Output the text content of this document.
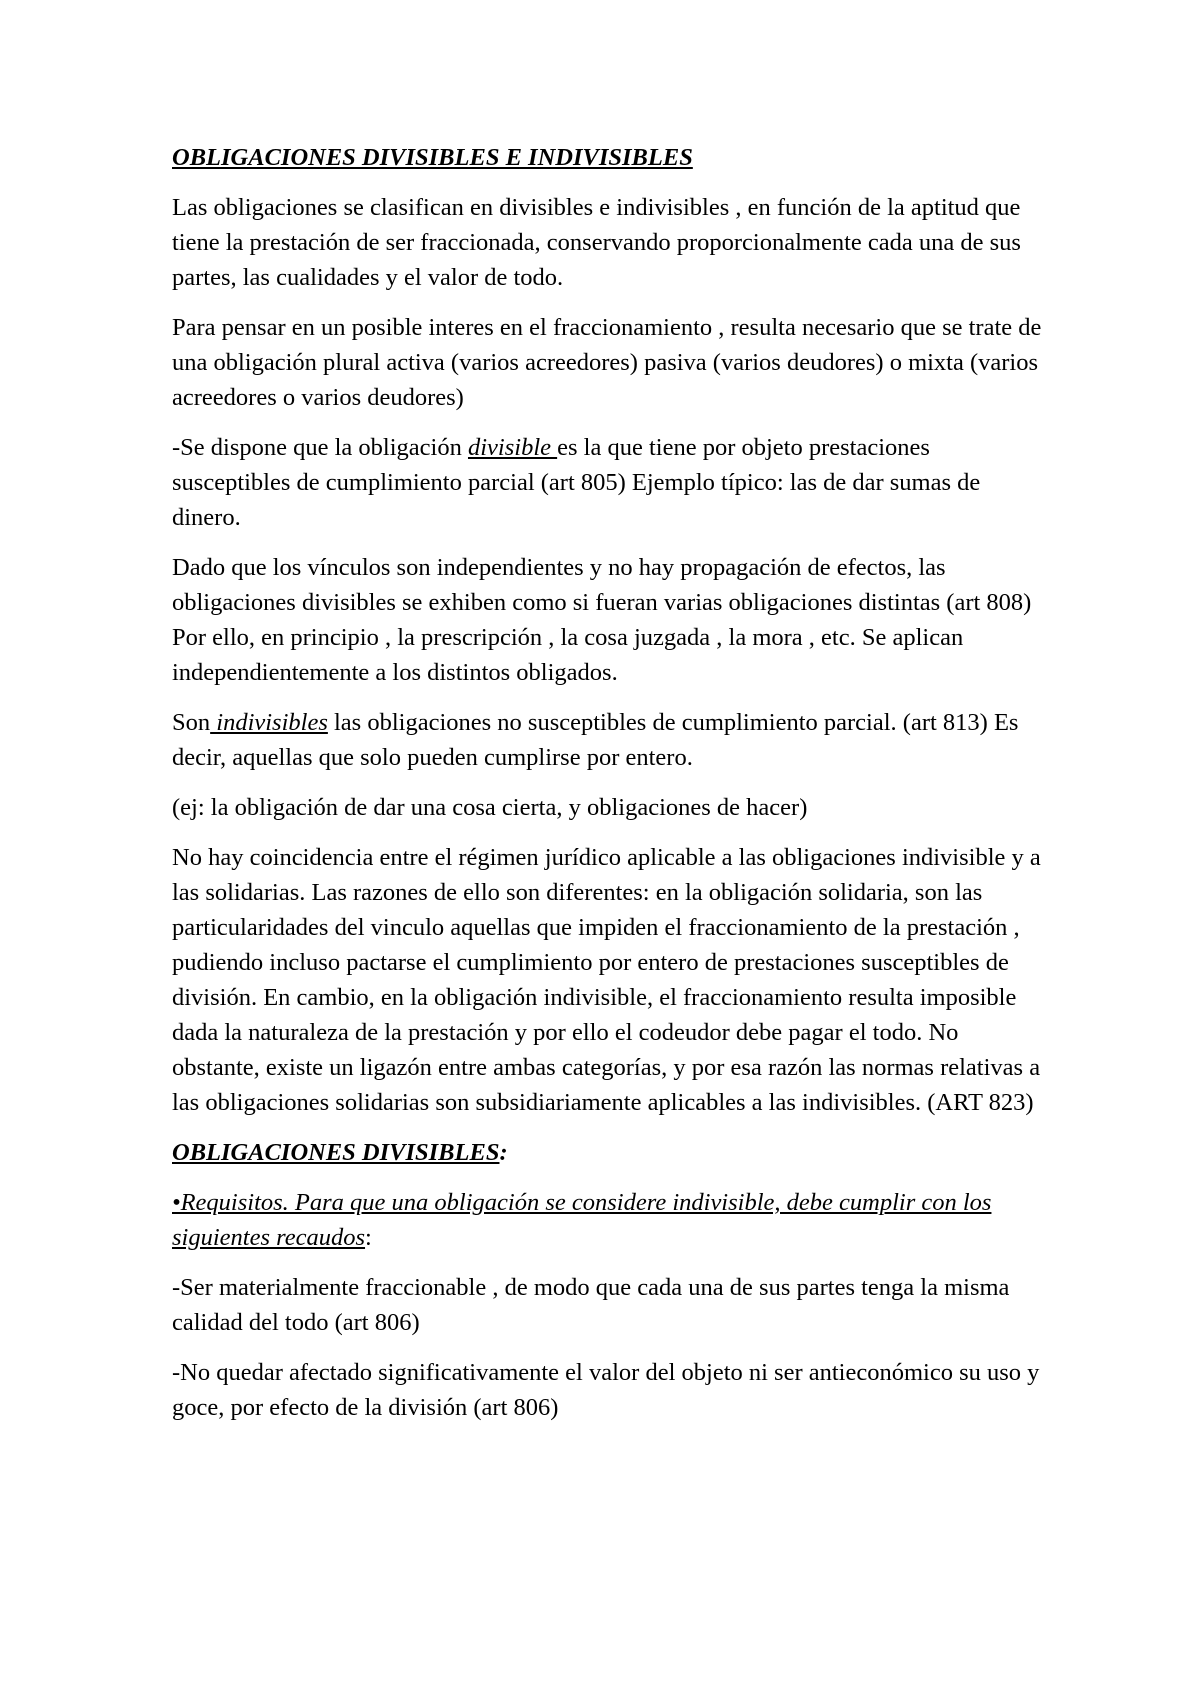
OBLIGACIONES DIVISIBLES E INDIVISIBLES

Las obligaciones se clasifican en divisibles e indivisibles , en función de la aptitud que tiene la prestación de ser fraccionada, conservando proporcionalmente cada una de sus partes, las cualidades y el valor de todo.

Para pensar en un posible interes en el fraccionamiento , resulta necesario que se trate de una obligación plural activa (varios acreedores) pasiva (varios deudores) o mixta (varios acreedores o varios deudores)

-Se dispone que la obligación divisible es la que tiene por objeto prestaciones susceptibles de cumplimiento parcial (art 805) Ejemplo típico: las de dar sumas de dinero.

Dado que los vínculos son independientes y no hay propagación de efectos, las obligaciones divisibles se exhiben como si fueran varias obligaciones distintas (art 808) Por ello, en principio , la prescripción , la cosa juzgada , la mora , etc. Se aplican independientemente a los distintos obligados.

Son indivisibles las obligaciones no susceptibles de cumplimiento parcial. (art 813) Es decir, aquellas que solo pueden cumplirse por entero.

(ej: la obligación de dar una cosa cierta, y obligaciones de hacer)

No hay coincidencia entre el régimen jurídico aplicable a las obligaciones indivisible y a las solidarias. Las razones de ello son diferentes: en la obligación solidaria, son las particularidades del vinculo aquellas que impiden el fraccionamiento de la prestación , pudiendo incluso pactarse el cumplimiento por entero de prestaciones susceptibles de división. En cambio, en la obligación indivisible, el fraccionamiento resulta imposible dada la naturaleza de la prestación y por ello el codeudor debe pagar el todo. No obstante, existe un ligazón entre ambas categorías, y por esa razón las normas relativas a las obligaciones solidarias son subsidiariamente aplicables a las indivisibles. (ART 823)

OBLIGACIONES DIVISIBLES:

•Requisitos. Para que una obligación se considere indivisible, debe cumplir con los siguientes recaudos:

-Ser materialmente fraccionable , de modo que cada una de sus partes tenga la misma calidad del todo (art 806)

-No quedar afectado significativamente el valor del objeto ni ser antieconómico su uso y goce, por efecto de la división (art 806)
